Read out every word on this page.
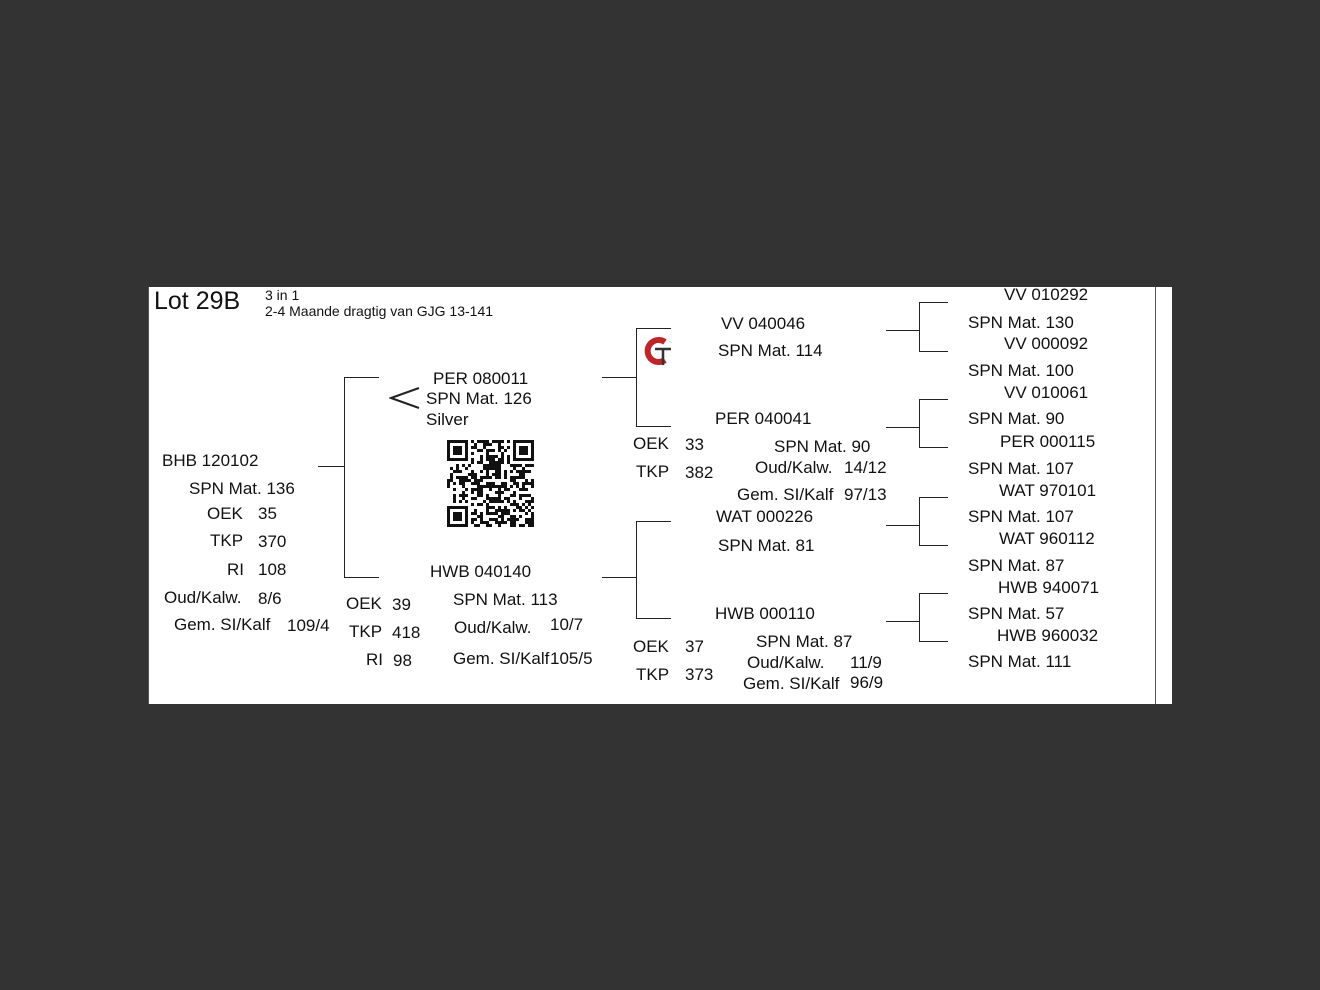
Lot 29B 3 in 1
2-4 Maande dragtig van GJG 13-141
BHB 120102
SPN Mat. 136
OEK 35
TKP 370
RI 108
Oud/Kalw. 8/6
Gem. SI/Kalf 109/4
PER 080011
SPN Mat. 126
Silver
HWB 040140
SPN Mat. 113
OEK 39
TKP 418
RI 98
Oud/Kalw. 10/7
Gem. SI/Kalf 105/5
~
VV 040046
SPN Mat. 114
PER 040041
SPN Mat. 90
OEK 33
TKP 382 Oud/Kalw. 14/12
Gem. SI/Kalf 97/13
WAT 000226
SPN Mat. 81
HWB 000110
SPN Mat. 87
OEK 37
TKP 373
Oud/Kalw. 11/9
Gem. SI/Kalf 96/9
VV 010292
SPN Mat. 130
VV 000092
SPN Mat. 100
VV 010061
SPN Mat. 90
PER 000115
SPN Mat. 107
WAT 970101
SPN Mat. 107
WAT 960112
SPN Mat. 87
HWB 940071
SPN Mat. 57
HWB 960032
SPN Mat. 111
